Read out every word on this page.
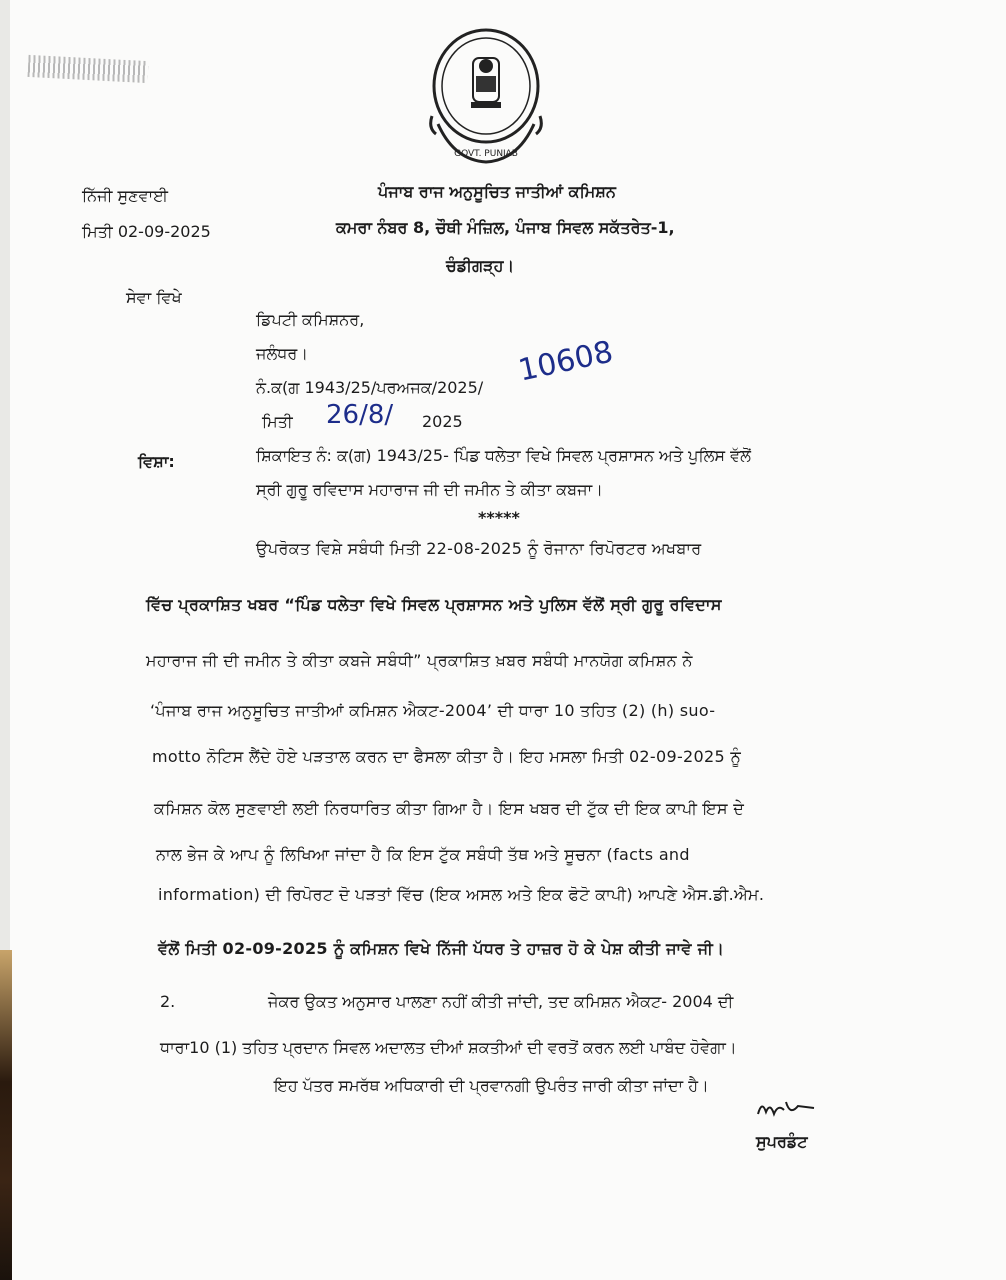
GOVT. PUNJAB
ਨਿੱਜੀ ਸੁਣਵਾਈ
ਮਿਤੀ 02-09-2025
ਪੰਜਾਬ ਰਾਜ ਅਨੁਸੂਚਿਤ ਜਾਤੀਆਂ ਕਮਿਸ਼ਨ
ਕਮਰਾ ਨੰਬਰ 8, ਚੌਥੀ ਮੰਜ਼ਿਲ, ਪੰਜਾਬ ਸਿਵਲ ਸਕੱਤਰੇਤ-1,
ਚੰਡੀਗੜ੍ਹ।
ਸੇਵਾ ਵਿਖੇ
ਡਿਪਟੀ ਕਮਿਸ਼ਨਰ,
ਜਲੰਧਰ।
ਨੰ.ਕ(ਗ 1943/25/ਪਰਅਜਕ/2025/ 10608
ਮਿਤੀ 26/8/ 2025
ਵਿਸ਼ਾ:	ਸ਼ਿਕਾਇਤ ਨੰ: ਕ(ਗ) 1943/25- ਪਿੰਡ ਧਲੇਤਾ ਵਿਖੇ ਸਿਵਲ ਪ੍ਰਸ਼ਾਸਨ ਅਤੇ ਪੁਲਿਸ ਵੱਲੋਂ
ਸ੍ਰੀ ਗੁਰੂ ਰਵਿਦਾਸ ਮਹਾਰਾਜ ਜੀ ਦੀ ਜਮੀਨ ਤੇ ਕੀਤਾ ਕਬਜਾ।
*****
ਉਪਰੋਕਤ ਵਿਸ਼ੇ ਸਬੰਧੀ ਮਿਤੀ 22-08-2025 ਨੂੰ ਰੋਜਾਨਾ ਰਿਪੋਰਟਰ ਅਖਬਾਰ
ਵਿੱਚ ਪ੍ਰਕਾਸ਼ਿਤ ਖਬਰ “ਪਿੰਡ ਧਲੇਤਾ ਵਿਖੇ ਸਿਵਲ ਪ੍ਰਸ਼ਾਸਨ ਅਤੇ ਪੁਲਿਸ ਵੱਲੋਂ ਸ੍ਰੀ ਗੁਰੂ ਰਵਿਦਾਸ
ਮਹਾਰਾਜ ਜੀ ਦੀ ਜਮੀਨ ਤੇ ਕੀਤਾ ਕਬਜੇ ਸਬੰਧੀ” ਪ੍ਰਕਾਸ਼ਿਤ ਖ਼ਬਰ ਸਬੰਧੀ ਮਾਨਯੋਗ ਕਮਿਸ਼ਨ ਨੇ
‘ਪੰਜਾਬ ਰਾਜ ਅਨੁਸੂਚਿਤ ਜਾਤੀਆਂ ਕਮਿਸ਼ਨ ਐਕਟ-2004’ ਦੀ ਧਾਰਾ 10 ਤਹਿਤ (2) (h) suo-
motto ਨੋਟਿਸ ਲੈਂਦੇ ਹੋਏ ਪੜਤਾਲ ਕਰਨ ਦਾ ਫੈਸਲਾ ਕੀਤਾ ਹੈ। ਇਹ ਮਸਲਾ ਮਿਤੀ 02-09-2025 ਨੂੰ
ਕਮਿਸ਼ਨ ਕੋਲ ਸੁਣਵਾਈ ਲਈ ਨਿਰਧਾਰਿਤ ਕੀਤਾ ਗਿਆ ਹੈ। ਇਸ ਖਬਰ ਦੀ ਟੁੱਕ ਦੀ ਇਕ ਕਾਪੀ ਇਸ ਦੇ
ਨਾਲ ਭੇਜ ਕੇ ਆਪ ਨੂੰ ਲਿਖਿਆ ਜਾਂਦਾ ਹੈ ਕਿ ਇਸ ਟੁੱਕ ਸਬੰਧੀ ਤੱਥ ਅਤੇ ਸੂਚਨਾ (facts and
information) ਦੀ ਰਿਪੋਰਟ ਦੋ ਪੜਤਾਂ ਵਿੱਚ (ਇਕ ਅਸਲ ਅਤੇ ਇਕ ਫੋਟੋ ਕਾਪੀ) ਆਪਣੇ ਐਸ.ਡੀ.ਐਮ.
ਵੱਲੋਂ ਮਿਤੀ 02-09-2025 ਨੂੰ ਕਮਿਸ਼ਨ ਵਿਖੇ ਨਿੱਜੀ ਪੱਧਰ ਤੇ ਹਾਜ਼ਰ ਹੋ ਕੇ ਪੇਸ਼ ਕੀਤੀ ਜਾਵੇ ਜੀ।
2.	ਜੇਕਰ ਉਕਤ ਅਨੁਸਾਰ ਪਾਲਣਾ ਨਹੀਂ ਕੀਤੀ ਜਾਂਦੀ, ਤਦ ਕਮਿਸ਼ਨ ਐਕਟ- 2004 ਦੀ
ਧਾਰਾ10 (1) ਤਹਿਤ ਪ੍ਰਦਾਨ ਸਿਵਲ ਅਦਾਲਤ ਦੀਆਂ ਸ਼ਕਤੀਆਂ ਦੀ ਵਰਤੋਂ ਕਰਨ ਲਈ ਪਾਬੰਦ ਹੋਵੇਗਾ।
ਇਹ ਪੱਤਰ ਸਮਰੱਥ ਅਧਿਕਾਰੀ ਦੀ ਪ੍ਰਵਾਨਗੀ ਉਪਰੰਤ ਜਾਰੀ ਕੀਤਾ ਜਾਂਦਾ ਹੈ।
ਸੁਪਰਡੰਟ
